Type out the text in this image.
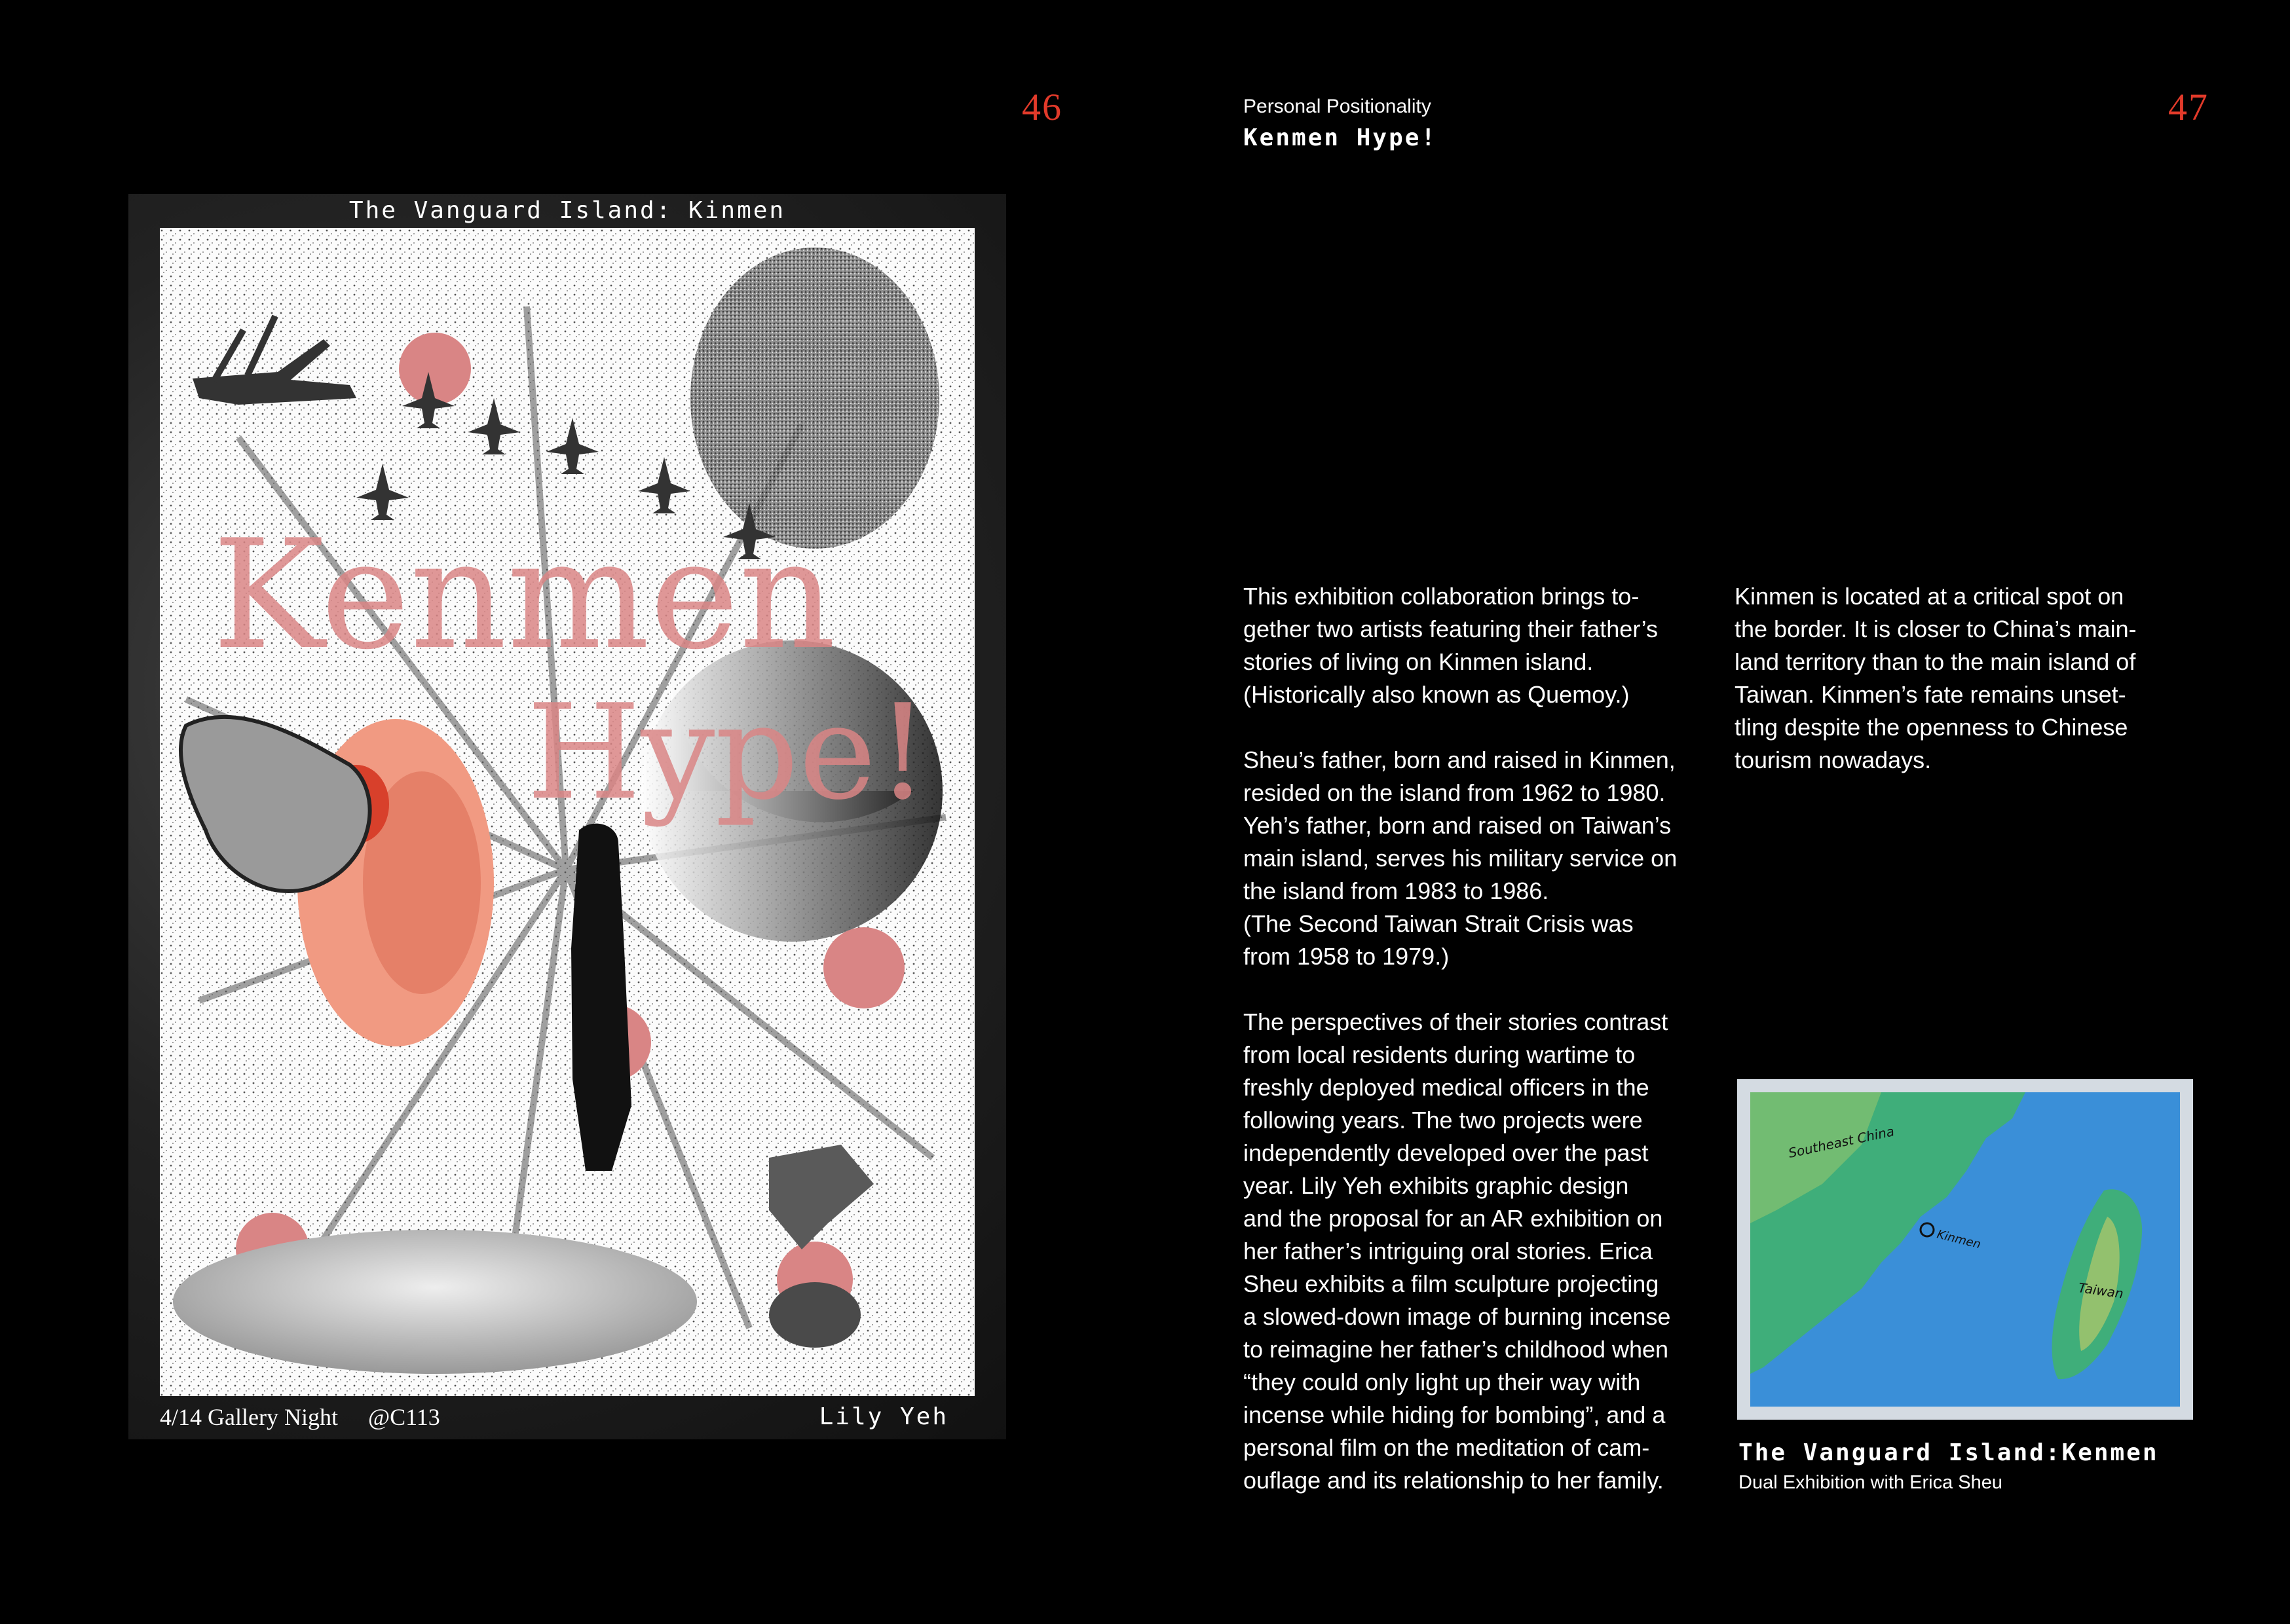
46	47
Personal Positionality
Kenmen Hype!
The Vanguard Island: Kinmen
Kenmen
Hype!
4/14 Gallery Night @C113	Lily Yeh
This exhibition collaboration brings to-
gether two artists featuring their father’s
stories of living on Kinmen island.
(Historically also known as Quemoy.)

Sheu’s father, born and raised in Kinmen,
resided on the island from 1962 to 1980.
Yeh’s father, born and raised on Taiwan’s
main island, serves his military service on
the island from 1983 to 1986.
(The Second Taiwan Strait Crisis was
from 1958 to 1979.)

The perspectives of their stories contrast
from local residents during wartime to
freshly deployed medical officers in the
following years. The two projects were
independently developed over the past
year. Lily Yeh exhibits graphic design
and the proposal for an AR exhibition on
her father’s intriguing oral stories. Erica
Sheu exhibits a film sculpture projecting
a slowed-down image of burning incense
to reimagine her father’s childhood when
“they could only light up their way with
incense while hiding for bombing”, and a
personal film on the meditation of cam-
ouflage and its relationship to her family.
Kinmen is located at a critical spot on
the border. It is closer to China’s main-
land territory than to the main island of
Taiwan. Kinmen’s fate remains unset-
tling despite the openness to Chinese
tourism nowadays.
Southeast China
Kinmen
Taiwan
The Vanguard Island:Kenmen
Dual Exhibition with Erica Sheu
